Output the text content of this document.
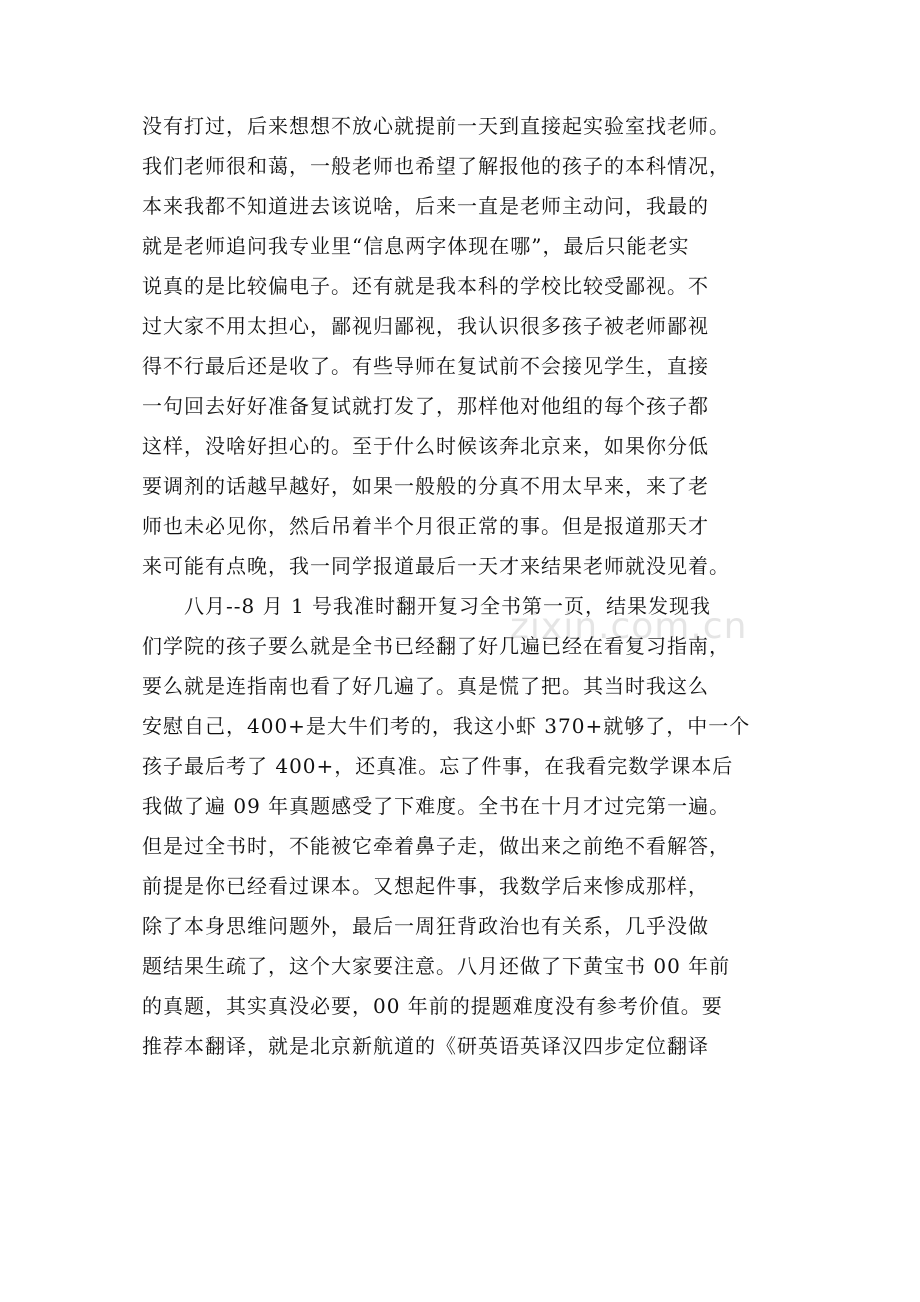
没有打过，后来想想不放心就提前一天到直接起实验室找老师。
我们老师很和蔼，一般老师也希望了解报他的孩子的本科情况，
本来我都不知道进去该说啥，后来一直是老师主动问，我最的
就是老师追问我专业里“信息两字体现在哪”，最后只能老实
说真的是比较偏电子。还有就是我本科的学校比较受鄙视。不
过大家不用太担心，鄙视归鄙视，我认识很多孩子被老师鄙视
得不行最后还是收了。有些导师在复试前不会接见学生，直接
一句回去好好准备复试就打发了，那样他对他组的每个孩子都
这样，没啥好担心的。至于什么时候该奔北京来，如果你分低
要调剂的话越早越好，如果一般般的分真不用太早来，来了老
师也未必见你，然后吊着半个月很正常的事。但是报道那天才
来可能有点晚，我一同学报道最后一天才来结果老师就没见着。
　　八月--8 月 1 号我准时翻开复习全书第一页，结果发现我
们学院的孩子要么就是全书已经翻了好几遍已经在看复习指南，
要么就是连指南也看了好几遍了。真是慌了把。其当时我这么
安慰自己，400+是大牛们考的，我这小虾 370+就够了，中一个
孩子最后考了 400+，还真准。忘了件事，在我看完数学课本后
我做了遍 09 年真题感受了下难度。全书在十月才过完第一遍。
但是过全书时，不能被它牵着鼻子走，做出来之前绝不看解答，
前提是你已经看过课本。又想起件事，我数学后来惨成那样，
除了本身思维问题外，最后一周狂背政治也有关系，几乎没做
题结果生疏了，这个大家要注意。八月还做了下黄宝书 00 年前
的真题，其实真没必要，00 年前的提题难度没有参考价值。要
推荐本翻译，就是北京新航道的《研英语英译汉四步定位翻译
zixin.com.cn
